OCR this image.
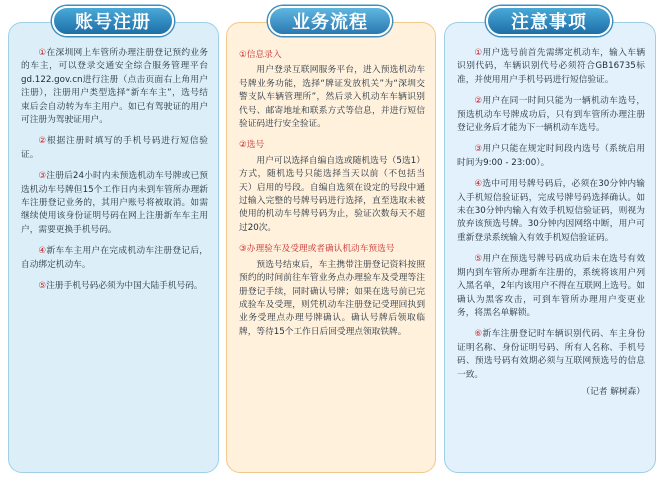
账号注册

①在深圳网上车管所办理注册登记预约业务的车主，可以登录交通安全综合服务管理平台gd.122.gov.cn进行注册（点击页面右上角用户注册），注册用户类型选择“新车车主”，选号结束后会自动转为车主用户。如已有驾驶证的用户可注册为驾驶证用户。

②根据注册时填写的手机号码进行短信验证。

③注册后24小时内未预选机动车号牌或已预选机动车号牌但15个工作日内未到车管所办理新车注册登记业务的，其用户账号将被取消。如需继续使用该身份证明号码在网上注册新车车主用户，需要更换手机号码。

④新车车主用户在完成机动车注册登记后，自动绑定机动车。

⑤注册手机号码必须为中国大陆手机号码。

业务流程

①信息录入

用户登录互联网服务平台，进入预选机动车号牌业务功能，选择“牌证发放机关”为“深圳交警支队车辆管理所”，然后录入机动车车辆识别代号、邮寄地址和联系方式等信息，并进行短信验证码进行安全验证。

②选号

用户可以选择自编自选或随机选号（5选1）方式，随机选号只能选择当天以前（不包括当天）启用的号段。自编自选须在设定的号段中通过输入完整的号牌号码进行选择，直至选取未被使用的机动车号牌号码为止，验证次数每天不超过20次。

③办理验车及受理或者确认机动车预选号

预选号结束后，车主携带注册登记资料按照预约的时间前往车管业务点办理验车及受理等注册登记手续，同时确认号牌；如果在选号前已完成验车及受理，则凭机动车注册登记受理回执到业务受理点办理号牌确认。确认号牌后领取临牌，等待15个工作日后回受理点领取铁牌。

注意事项

①用户选号前首先需绑定机动车，输入车辆识别代码，车辆识别代号必须符合GB16735标准，并使用用户手机号码进行短信验证。

②用户在同一时间只能为一辆机动车选号，预选机动车号牌成功后，只有到车管所办理注册登记业务后才能为下一辆机动车选号。

③用户只能在规定时间段内选号（系统启用时间为9:00 - 23:00）。

④选中可用号牌号码后，必须在30分钟内输入手机短信验证码，完成号牌号码选择确认。如未在30分钟内输入有效手机短信验证码，则视为放弃该预选号牌。30分钟内因网络中断，用户可重新登录系统输入有效手机短信验证码。

⑤用户在预选号牌号码成功后未在选号有效期内到车管所办理新车注册的，系统将该用户列入黑名单，2年内该用户不得在互联网上选号。如确认为黑客攻击，可到车管所办理用户变更业务，将黑名单解锁。

⑥新车注册登记时车辆识别代码、车主身份证明名称、身份证明号码、所有人名称、手机号码、预选号码有效期必须与互联网预选号的信息一致。

（记者 解树森）
